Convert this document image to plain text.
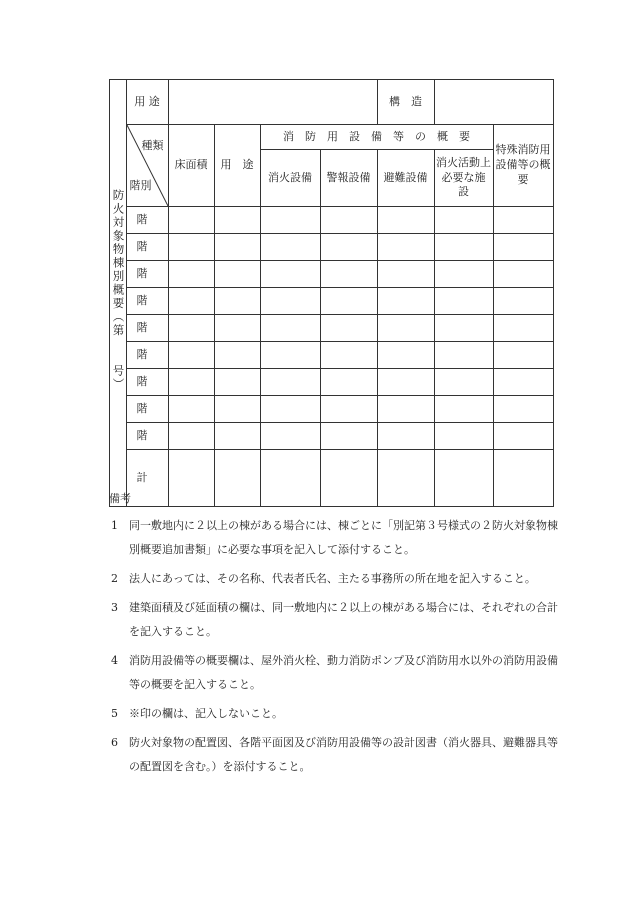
防火対象物棟別概要（第　　号）	用 途					構　造		

	種類
階別	床面積	用　途	消　防　用　設　備　等　の　概　要				特殊消防用設備等の概要
				消火設備	警報設備	避難設備	消火活動上必要な施　設	
	階							
	階							
	階							
	階							
	階							
	階							
	階							
	階							
	階							
	計							
備考
1 同一敷地内に２以上の棟がある場合には、棟ごとに「別記第３号様式の２防火対象物棟別概要追加書類」に必要な事項を記入して添付すること。
2 法人にあっては、その名称、代表者氏名、主たる事務所の所在地を記入すること。
3 建築面積及び延面積の欄は、同一敷地内に２以上の棟がある場合には、それぞれの合計を記入すること。
4 消防用設備等の概要欄は、屋外消火栓、動力消防ポンプ及び消防用水以外の消防用設備等の概要を記入すること。
5 ※印の欄は、記入しないこと。
6 防火対象物の配置図、各階平面図及び消防用設備等の設計図書（消火器具、避難器具等の配置図を含む。）を添付すること。
